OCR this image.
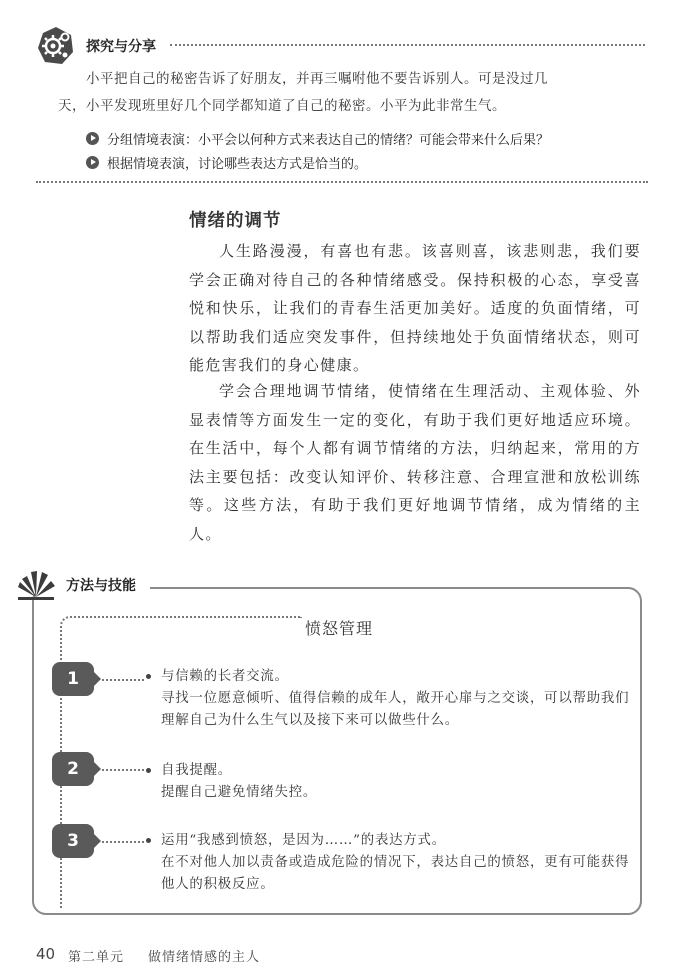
探究与分享

小平把自己的秘密告诉了好朋友，并再三嘱咐他不要告诉别人。可是没过几

天，小平发现班里好几个同学都知道了自己的秘密。小平为此非常生气。

分组情境表演：小平会以何种方式来表达自己的情绪？可能会带来什么后果？
根据情境表演，讨论哪些表达方式是恰当的。
情绪的调节

人生路漫漫，有喜也有悲。该喜则喜，该悲则悲，我们要学会正确对待自己的各种情绪感受。保持积极的心态，享受喜悦和快乐，让我们的青春生活更加美好。适度的负面情绪，可以帮助我们适应突发事件，但持续地处于负面情绪状态，则可能危害我们的身心健康。

学会合理地调节情绪，使情绪在生理活动、主观体验、外显表情等方面发生一定的变化，有助于我们更好地适应环境。在生活中，每个人都有调节情绪的方法，归纳起来，常用的方法主要包括：改变认知评价、转移注意、合理宣泄和放松训练等。这些方法，有助于我们更好地调节情绪，成为情绪的主人。

方法与技能
愤怒管理
1	与信赖的长者交流。
寻找一位愿意倾听、值得信赖的成年人，敞开心扉与之交谈，可以帮助我们理解自己为什么生气以及接下来可以做些什么。
2	自我提醒。
提醒自己避免情绪失控。
3	运用“我感到愤怒，是因为……”的表达方式。
在不对他人加以责备或造成危险的情况下，表达自己的愤怒，更有可能获得他人的积极反应。
40 第二单元 做情绪情感的主人
